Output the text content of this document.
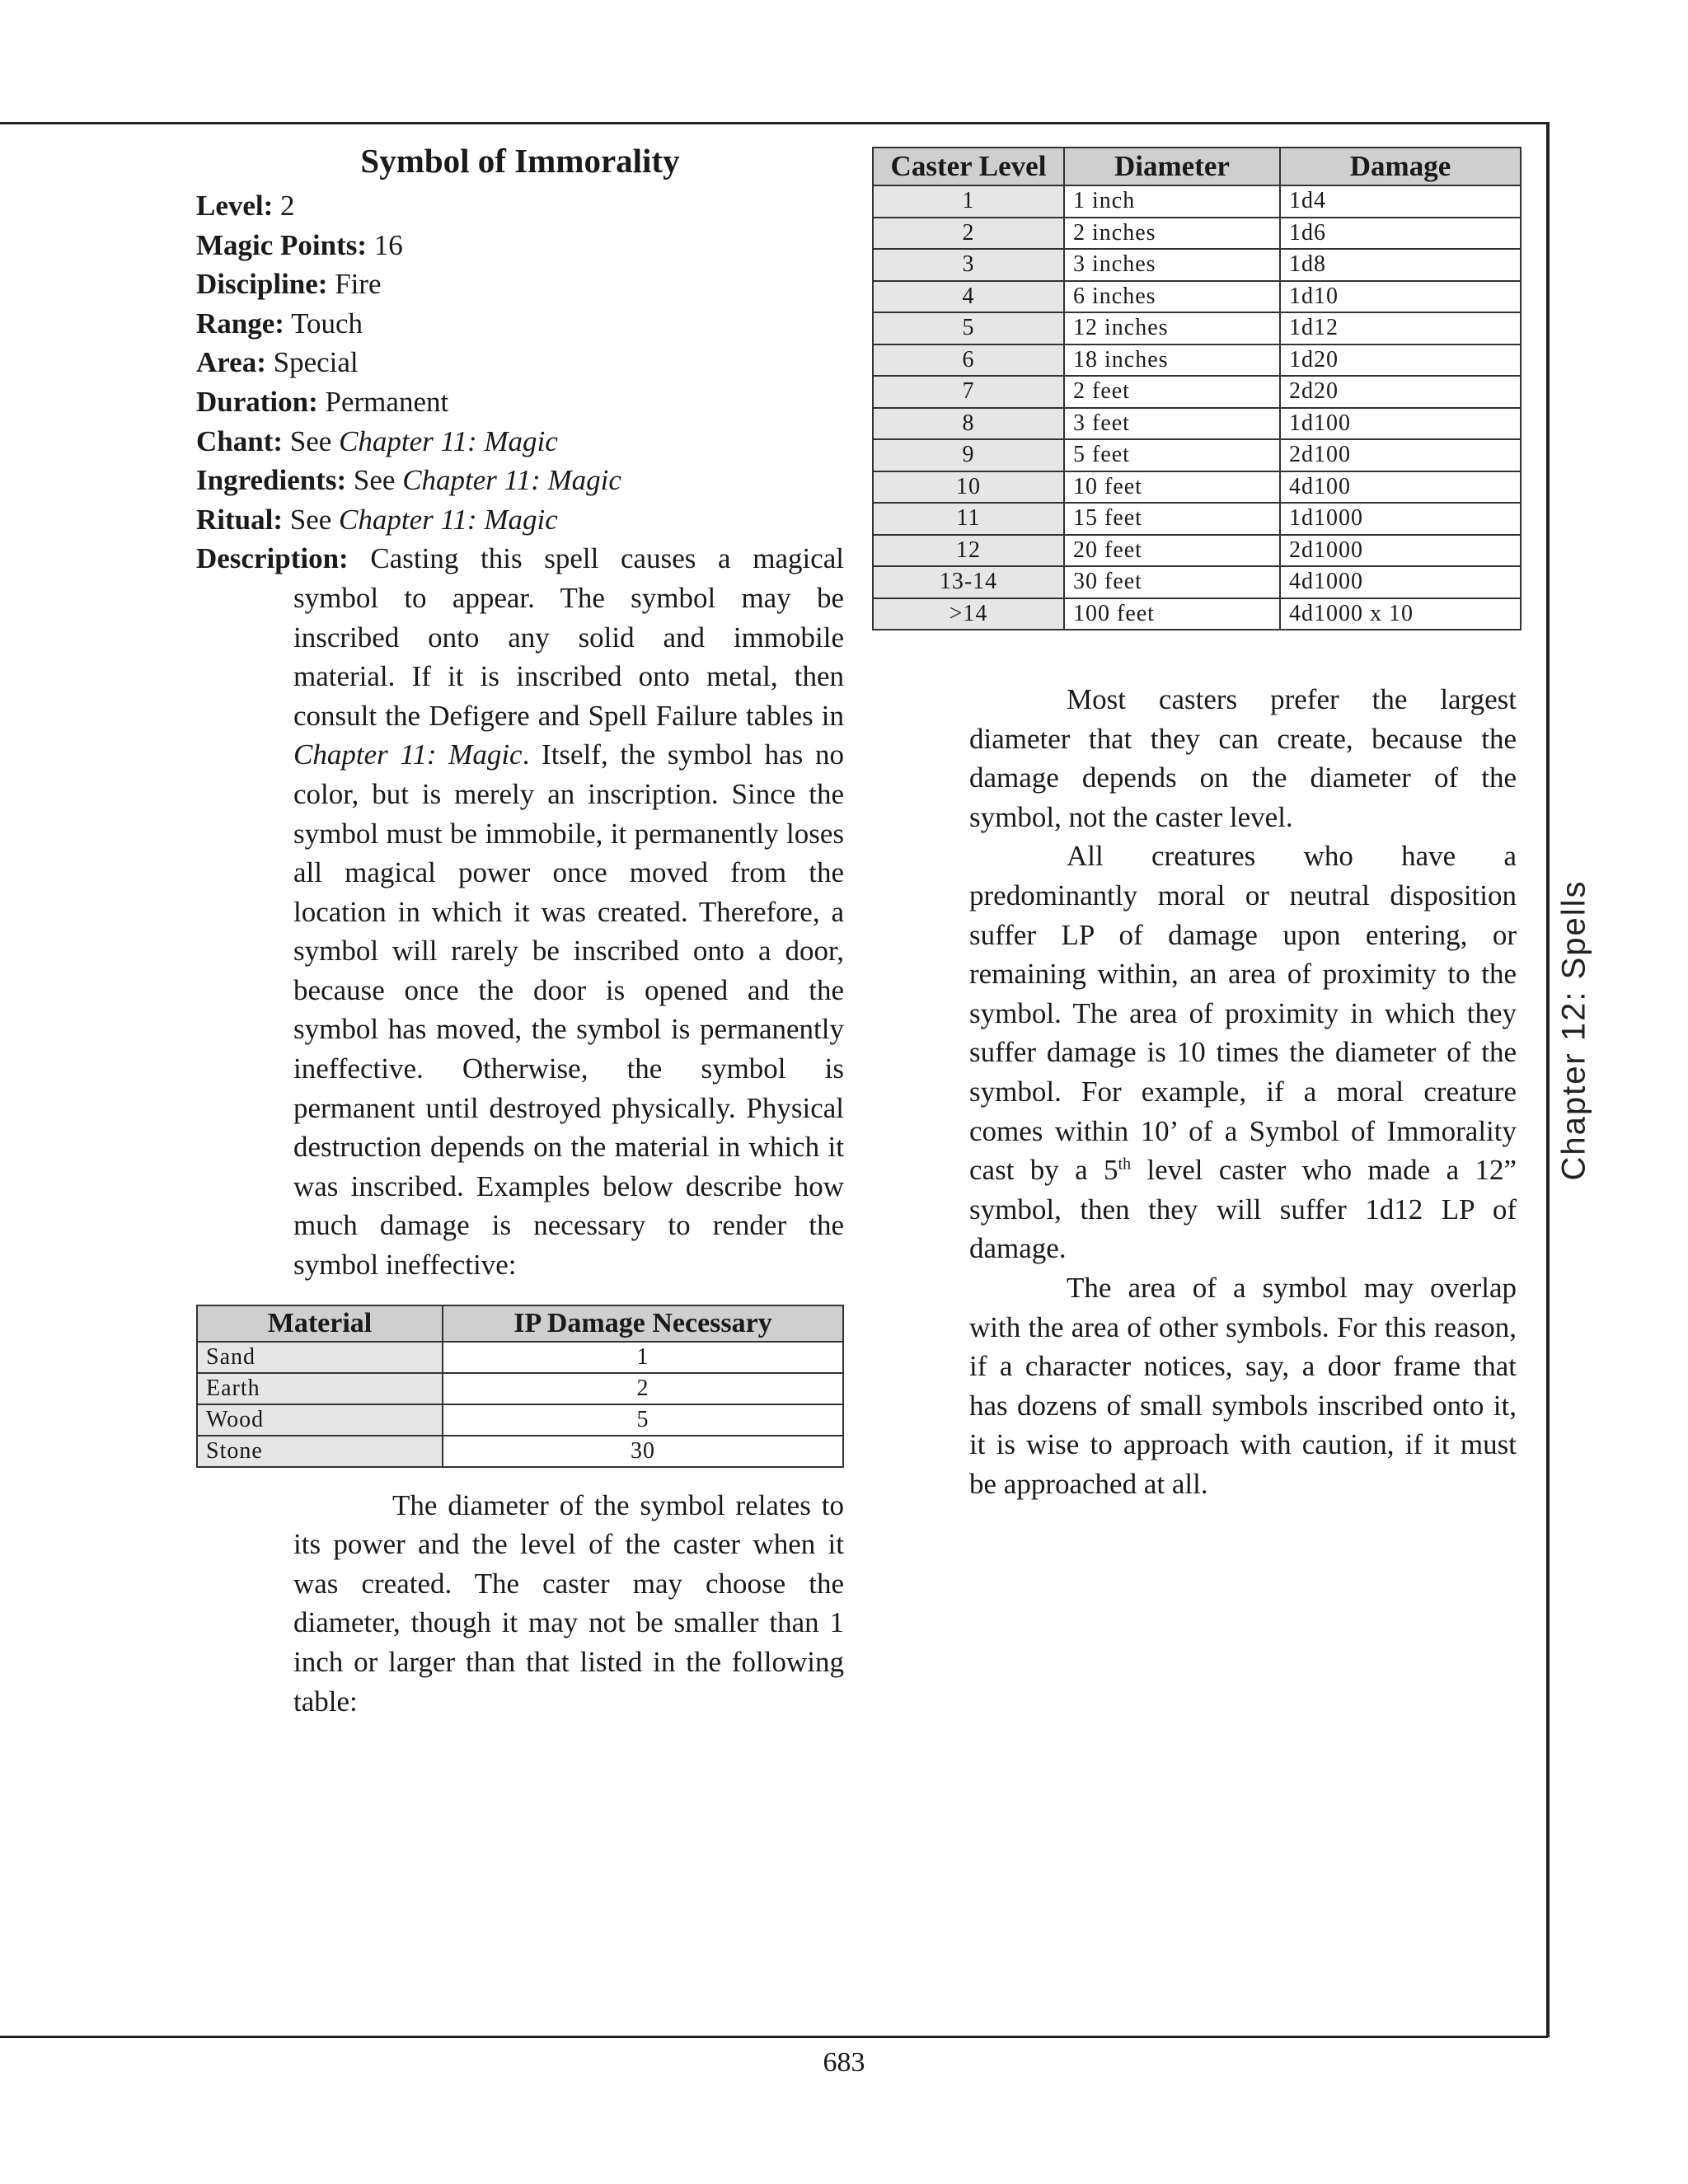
Chapter 12: Spells
Symbol of Immorality

Level: 2

Magic Points: 16

Discipline: Fire

Range: Touch

Area: Special

Duration: Permanent

Chant: See Chapter 11: Magic

Ingredients: See Chapter 11: Magic

Ritual: See Chapter 11: Magic

Description: Casting this spell causes a magical

symbol to appear. The symbol may be inscribed onto any solid and immobile material. If it is inscribed onto metal, then consult the Defigere and Spell Failure tables in Chapter 11: Magic. Itself, the symbol has no color, but is merely an inscription. Since the symbol must be immobile, it permanently loses all magical power once moved from the location in which it was created. Therefore, a symbol will rarely be inscribed onto a door, because once the door is opened and the symbol has moved, the symbol is permanently ineffective. Otherwise, the symbol is permanent until destroyed physically. Physical destruction depends on the material in which it was inscribed. Examples below describe how much damage is necessary to render the symbol ineffective:

Material	IP Damage Necessary
Sand	1
Earth	2
Wood	5
Stone	30

The diameter of the symbol relates to its power and the level of the caster when it was created. The caster may choose the diameter, though it may not be smaller than 1 inch or larger than that listed in the following table:

Caster Level	Diameter	Damage
1	1 inch	1d4
2	2 inches	1d6
3	3 inches	1d8
4	6 inches	1d10
5	12 inches	1d12
6	18 inches	1d20
7	2 feet	2d20
8	3 feet	1d100
9	5 feet	2d100
10	10 feet	4d100
11	15 feet	1d1000
12	20 feet	2d1000
13-14	30 feet	4d1000
>14	100 feet	4d1000 x 10

Most casters prefer the largest diameter that they can create, because the damage depends on the diameter of the symbol, not the caster level.

All creatures who have a predominantly moral or neutral disposition suffer LP of damage upon entering, or remaining within, an area of proximity to the symbol. The area of proximity in which they suffer damage is 10 times the diameter of the symbol. For example, if a moral creature comes within 10’ of a Symbol of Immorality cast by a 5th level caster who made a 12” symbol, then they will suffer 1d12 LP of damage.

The area of a symbol may overlap with the area of other symbols. For this reason, if a character notices, say, a door frame that has dozens of small symbols inscribed onto it, it is wise to approach with caution, if it must be approached at all.

683
